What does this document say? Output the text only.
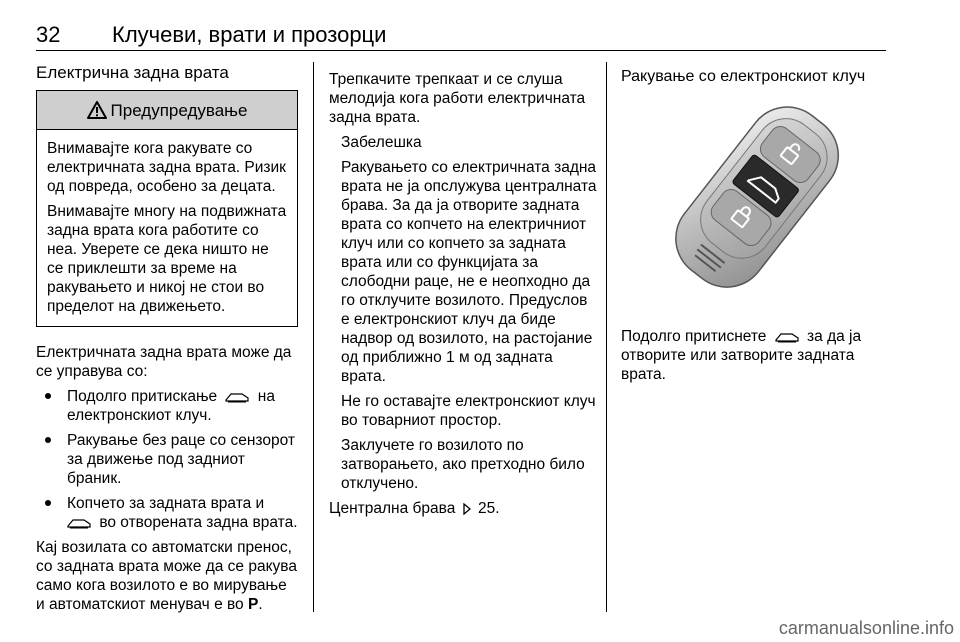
32 Клучеви, врати и прозорци
Електрична задна врата
Предупредување

Внимавајте кога ракувате со електричната задна врата. Ризик од повреда, особено за децата.

Внимавајте многу на подвижната задна врата кога работите со неа. Уверете се дека ништо не се приклешти за време на ракувањето и никој не стои во пределот на движењето.

Електричната задна врата може да се управува со:

Подолго притискање	на електронскиот клуч.
Ракување без раце со сензорот за движење под задниот браник.
Копчето за задната врата и
во отворената задна врата.

Кај возилата со автоматски пренос, со задната врата може да се ракува само кога возилото е во мирување и автоматскиот менувач е во P.

Трепкачите трепкаат и се слуша мелодија кога работи електричната задна врата.

Забелешка

Ракувањето со електричната задна врата не ја опслужува централната брава. За да ја отворите задната врата со копчето на електричниот клуч или со копчето за задната врата или со функцијата за слободни раце, не е неопходно да го отклучите возилото. Предуслов е електронскиот клуч да биде надвор од возилото, на растојание од приближно 1 м од задната врата.

Не го оставајте електронскиот клуч во товарниот простор.

Заклучете го возилото по затворањето, ако претходно било отклучено.

Централна брава 25.

Ракување со електронскиот клуч

Подолго притиснете	за да ја отворите или затворите задната врата.

carmanualsonline.info
